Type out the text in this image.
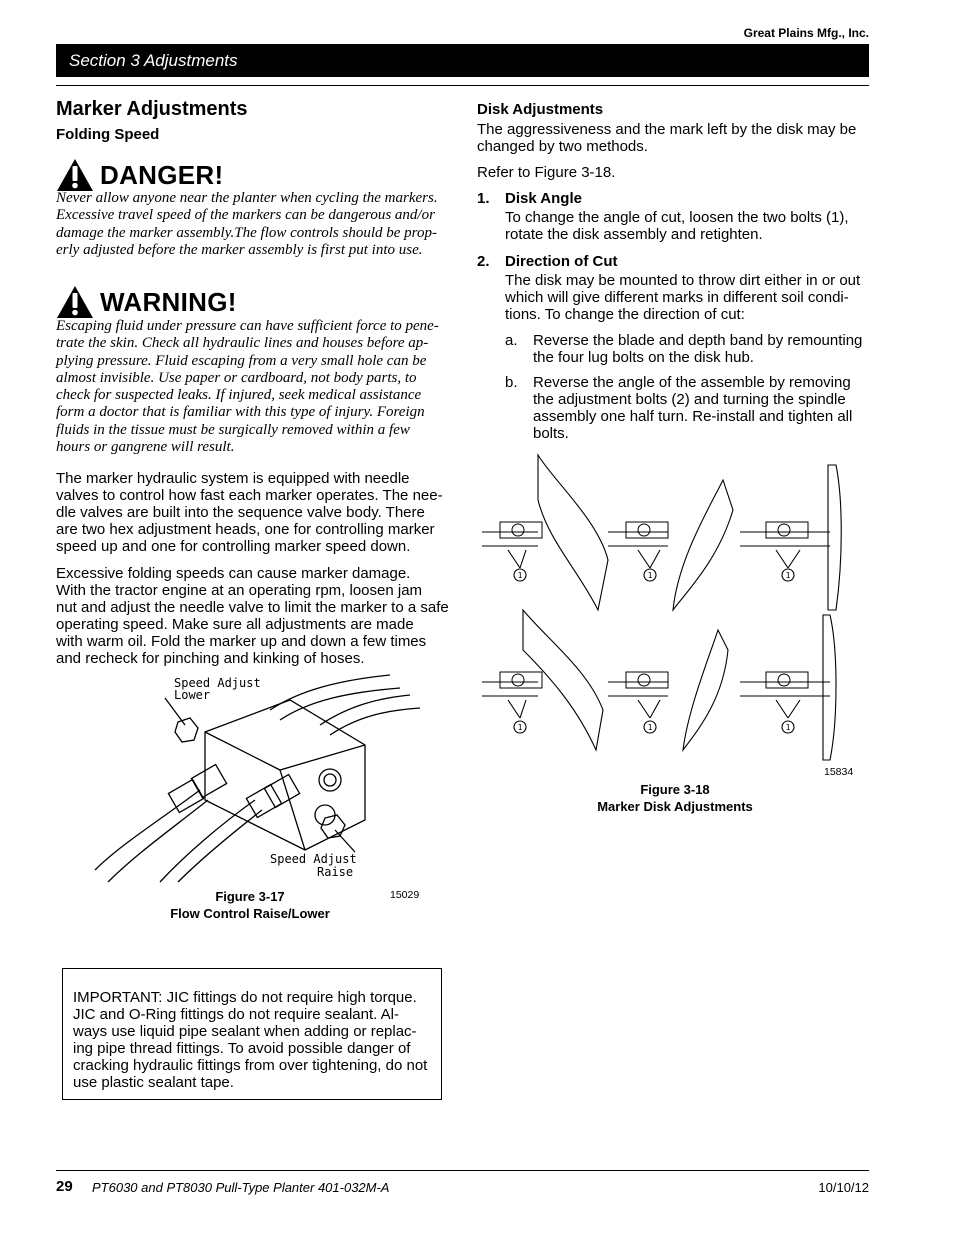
Great Plains Mfg., Inc.
Section 3 Adjustments
Marker Adjustments
Folding Speed
DANGER!
Never allow anyone near the planter when cycling the markers.
Excessive travel speed of the markers can be dangerous and/or
damage the marker assembly.The flow controls should be prop-
erly adjusted before the marker assembly is first put into use.
WARNING!
Escaping fluid under pressure can have sufficient force to pene-
trate the skin. Check all hydraulic lines and houses before ap-
plying pressure. Fluid escaping from a very small hole can be
almost invisible. Use paper or cardboard, not body parts, to
check for suspected leaks. If injured, seek medical assistance
form a doctor that is familiar with this type of injury. Foreign
fluids in the tissue must be surgically removed within a few
hours or gangrene will result.
The marker hydraulic system is equipped with needle
valves to control how fast each marker operates. The nee-
dle valves are built into the sequence valve body. There
are two hex adjustment heads, one for controlling marker
speed up and one for controlling marker speed down.
Excessive folding speeds can cause marker damage.
With the tractor engine at an operating rpm, loosen jam
nut and adjust the needle valve to limit the marker to a safe
operating speed. Make sure all adjustments are made
with warm oil. Fold the marker up and down a few times
and recheck for pinching and kinking of hoses.
Speed Adjust
Lower
Speed Adjust
Raise
15029
Figure 3-17
Flow Control Raise/Lower
IMPORTANT: JIC fittings do not require high torque.
JIC and O-Ring fittings do not require sealant. Al-
ways use liquid pipe sealant when adding or replac-
ing pipe thread fittings. To avoid possible danger of
cracking hydraulic fittings from over tightening, do not
use plastic sealant tape.
Disk Adjustments
The aggressiveness and the mark left by the disk may be
changed by two methods.
Refer to Figure 3-18.
1. Disk Angle
To change the angle of cut, loosen the two bolts (1),
rotate the disk assembly and retighten.
2. Direction of Cut
The disk may be mounted to throw dirt either in or out
which will give different marks in different soil condi-
tions. To change the direction of cut:
a. Reverse the blade and depth band by remounting
the four lug bolts on the disk hub.
b. Reverse the angle of the assemble by removing
the adjustment bolts (2) and turning the spindle
assembly one half turn. Re-install and tighten all
bolts.
1	1	1
1	1	1
15834
Figure 3-18
Marker Disk Adjustments
29 PT6030 and PT8030 Pull-Type Planter 401-032M-A	10/10/12
